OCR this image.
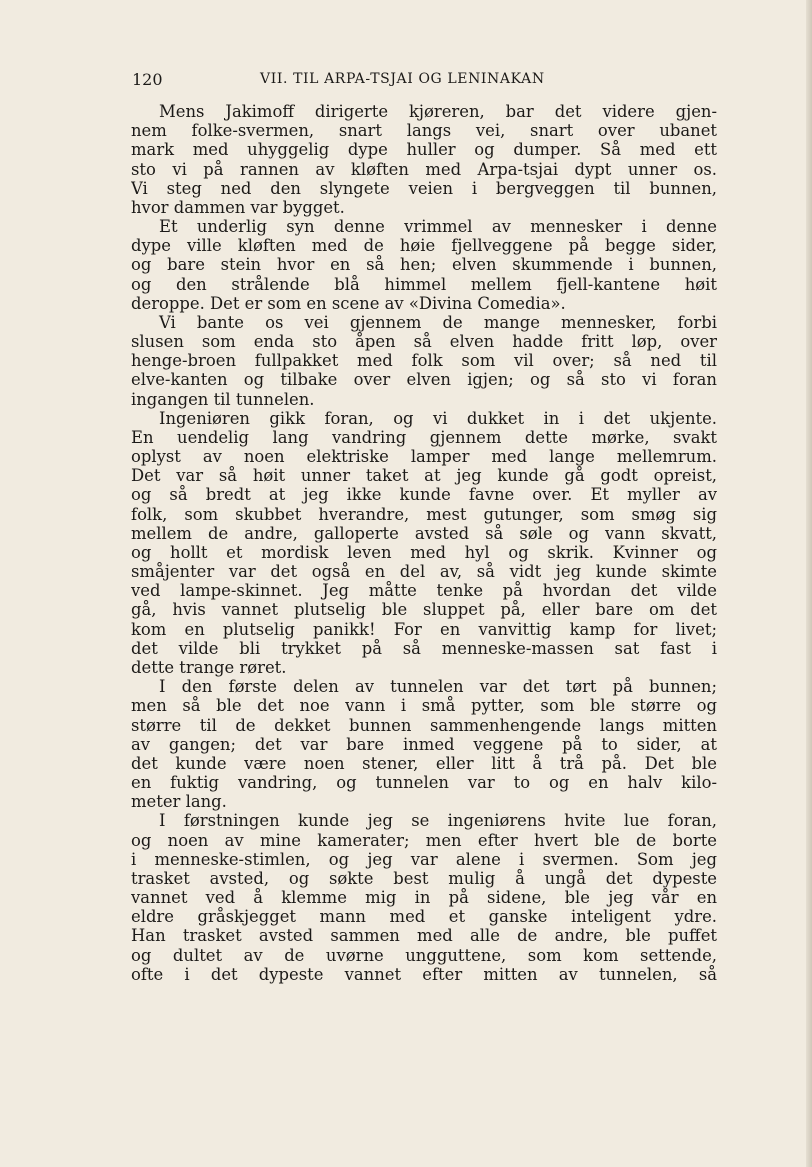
120	VII. TIL ARPA-TSJAI OG LENINAKAN
Mens Jakimoff dirigerte kjøreren, bar det videre gjen-
nem folke-svermen, snart langs vei, snart over ubanet
mark med uhyggelig dype huller og dumper. Så med ett
sto vi på rannen av kløften med Arpa-tsjai dypt unner os.
Vi steg ned den slyngete veien i bergveggen til bunnen,
hvor dammen var bygget.
Et underlig syn denne vrimmel av mennesker i denne
dype ville kløften med de høie fjellveggene på begge sider,
og bare stein hvor en så hen; elven skummende i bunnen,
og den strålende blå himmel mellem fjell-kantene høit
deroppe. Det er som en scene av «Divina Comedia».
Vi bante os vei gjennem de mange mennesker, forbi
slusen som enda sto åpen så elven hadde fritt løp, over
henge-broen fullpakket med folk som vil over; så ned til
elve-kanten og tilbake over elven igjen; og så sto vi foran
ingangen til tunnelen.
Ingeniøren gikk foran, og vi dukket in i det ukjente.
En uendelig lang vandring gjennem dette mørke, svakt
oplyst av noen elektriske lamper med lange mellemrum.
Det var så høit unner taket at jeg kunde gå godt opreist,
og så bredt at jeg ikke kunde favne over. Et myller av
folk, som skubbet hverandre, mest gutunger, som smøg sig
mellem de andre, galloperte avsted så søle og vann skvatt,
og hollt et mordisk leven med hyl og skrik. Kvinner og
småjenter var det også en del av, så vidt jeg kunde skimte
ved lampe-skinnet. Jeg måtte tenke på hvordan det vilde
gå, hvis vannet plutselig ble sluppet på, eller bare om det
kom en plutselig panikk! For en vanvittig kamp for livet;
det vilde bli trykket på så menneske-massen sat fast i
dette trange røret.
I den første delen av tunnelen var det tørt på bunnen;
men så ble det noe vann i små pytter, som ble større og
større til de dekket bunnen sammenhengende langs mitten
av gangen; det var bare inmed veggene på to sider, at
det kunde være noen stener, eller litt å trå på. Det ble
en fuktig vandring, og tunnelen var to og en halv kilo-
meter lang.
I førstningen kunde jeg se ingeniørens hvite lue foran,
og noen av mine kamerater; men efter hvert ble de borte
i menneske-stimlen, og jeg var alene i svermen. Som jeg
trasket avsted, og søkte best mulig å ungå det dypeste
vannet ved å klemme mig in på sidene, ble jeg vår en
eldre gråskjegget mann med et ganske inteligent ydre.
Han trasket avsted sammen med alle de andre, ble puffet
og dultet av de uvørne ungguttene, som kom settende,
ofte i det dypeste vannet efter mitten av tunnelen, så
